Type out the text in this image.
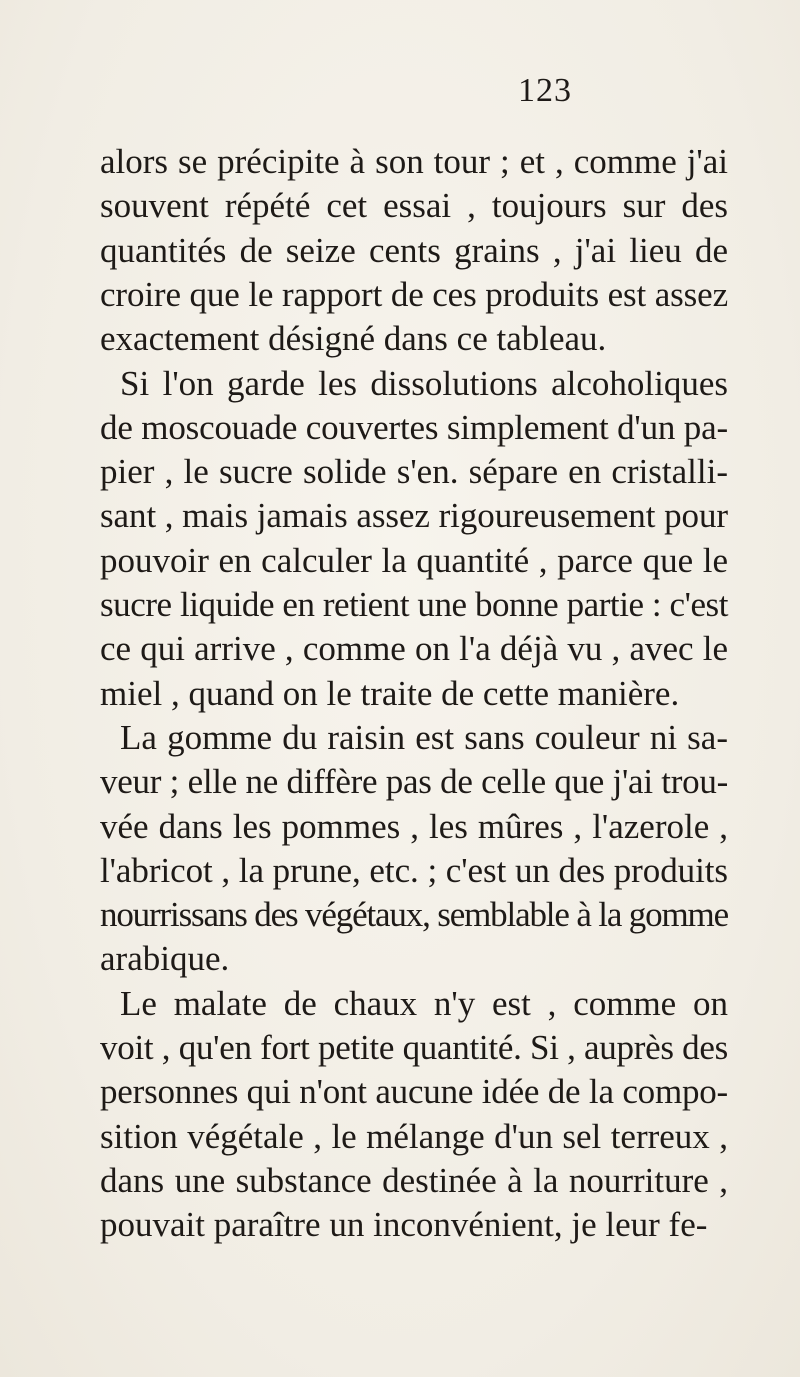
123
alors se précipite à son tour ; et , comme j'ai
souvent répété cet essai , toujours sur des
quantités de seize cents grains , j'ai lieu de
croire que le rapport de ces produits est assez
exactement désigné dans ce tableau.
Si l'on garde les dissolutions alcoholiques
de moscouade couvertes simplement d'un pa-
pier , le sucre solide s'en. sépare en cristalli-
sant , mais jamais assez rigoureusement pour
pouvoir en calculer la quantité , parce que le
sucre liquide en retient une bonne partie : c'est
ce qui arrive , comme on l'a déjà vu , avec le
miel , quand on le traite de cette manière.
La gomme du raisin est sans couleur ni sa-
veur ; elle ne diffère pas de celle que j'ai trou-
vée dans les pommes , les mûres , l'azerole ,
l'abricot , la prune, etc. ; c'est un des produits
nourrissans des végétaux, semblable à la gomme
arabique.
Le malate de chaux n'y est , comme on
voit , qu'en fort petite quantité. Si , auprès des
personnes qui n'ont aucune idée de la compo-
sition végétale , le mélange d'un sel terreux ,
dans une substance destinée à la nourriture ,
pouvait paraître un inconvénient, je leur fe-
